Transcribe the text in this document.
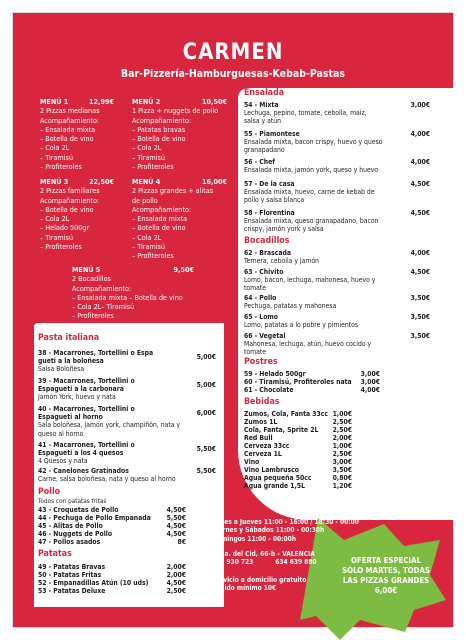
CARMEN
Bar-Pizzería-Hamburguesas-Kebab-Pastas
MENÚ 1	12,99€
2 Pizzas medianas
Acompañamiento:
– Ensalada mixta
– Botella de vino
– Cola 2L
– Tiramisú
– Profiteroles
MENÚ 2	10,50€
1 Pizza + nuggets de pollo
Acompañamiento:
– Patatas bravas
– Botella de vino
– Cola 2L
– Tiramisú
– Profiteroles
MENÚ 3	22,50€
2 Pizzas familiares
Acompañamiento:
– Botella de vino
– Cola 2L
– Helado 500gr
– Tiramisú
– Profiteroles
MENÚ 4	16,00€
2 Pizzas grandes + alitas
de pollo
Acompañamiento:
– Ensalada mixta
– Botella de vino
– Cola 2L
– Tiramisú
– Profiteroles
MENÚ 5	9,50€
2 Bocadillos
Acompañamiento:
– Ensalada mixta – Botella de vino
– Cola 2L– Tiramisú
– Profiteroles
Pasta italiana
38 - Macarrones, Tortellini o Espa gueti a la boloñesa
Salsa Boloñesa
5,00€
39 - Macarrones, Tortellini o Espagueti a la carbonara
Jamón York, huevo y nata
5,00€
40 - Macarrones, Tortellini o Espagueti al horno
Sala boloñesa, jamón york, champiñón, nata y queso al horno
6,00€
41 - Macarrones, Tortellini o Espagueti a los 4 quesos
4 Quesos y nata
5,50€
42 - Canelones Gratinados
Carne, salsa boloñesa, nata y queso al horno
5,50€
Pollo
Todos con patatas fritas
43 - Croquetas de Pollo	4,50€
44 - Pechuga de Pollo Empanada 5,50€
45 - Alitas de Pollo	4,50€
46 - Nuggets de Pollo	4,50€
47 - Pollos asados	8€
Patatas
49 - Patatas Bravas	2,00€
50 - Patatas Fritas	2,00€
52 - Empanadillas Atún (10 uds)	4,50€
53 - Patatas Deluxe	2,50€
Ensalada
54 - Mixta
Lechuga, pepino, tomate, cebolla, maíz, salsa y atún
3,00€
55 - Piamontese
Ensalada mixta, bacon crispy, huevo y queso granapadano
4,00€
56 - Chef
Ensalada mixta, jamón york, queso y huevo
4,00€
57 - De la casa
Ensalada mixta, huevo, carne de kebab de pollo y salsa blanca
4,50€
58 - Florentina
Ensalada mixta, queso granapadano, bacon crispy, jamón york y salsa
4,50€
Bocadillos
62 - Brascada
Ternera, cebolla y jamón
4,00€
63 - Chivito
Lomo, bacon, lechuga, mahonesa, huevo y tomate
4,50€
64 - Pollo
Pechuga, patatas y mahonesa
3,50€
65 - Lomo
Lomo, patatas a lo pobre y pimientos
3,50€
66 - Vegetal
Mahonesa, lechuga, atún, huevo cocido y tomate
3,50€
Postres
59 - Helado 500gr	3,00€
60 - Tiramisú, Profiteroles nata 3,00€
61 - Chocolate	4,00€
Bebidas
Zumos, Cola, Fanta 33cc 1,00€
Zumos 1L	2,50€
Cola, Fanta, Sprite 2L 2,50€
Red Bull	2,00€
Cerveza 33cc	1,00€
Cerveza 1L	2,50€
Vino	3,00€
Vino Lambrusco	3,50€
Agua pequeña 50cc	0,80€
Agua grande 1,5L	1,20€
Lunes a Jueves 11:00 - 16:00 / 18:30 - 00:00
Viernes y Sábados 11:00 - 00:30h
Domingos 11:00 - 00:00h
Avda. del Cid, 66-b – VALENCIA
961 930 723	634 639 880
Servicio a domicilio gratuito
pedido mínimo 10€
OFERTA ESPECIAL
SÓLO MARTES, TODAS
LAS PIZZAS GRANDES
6,00€
